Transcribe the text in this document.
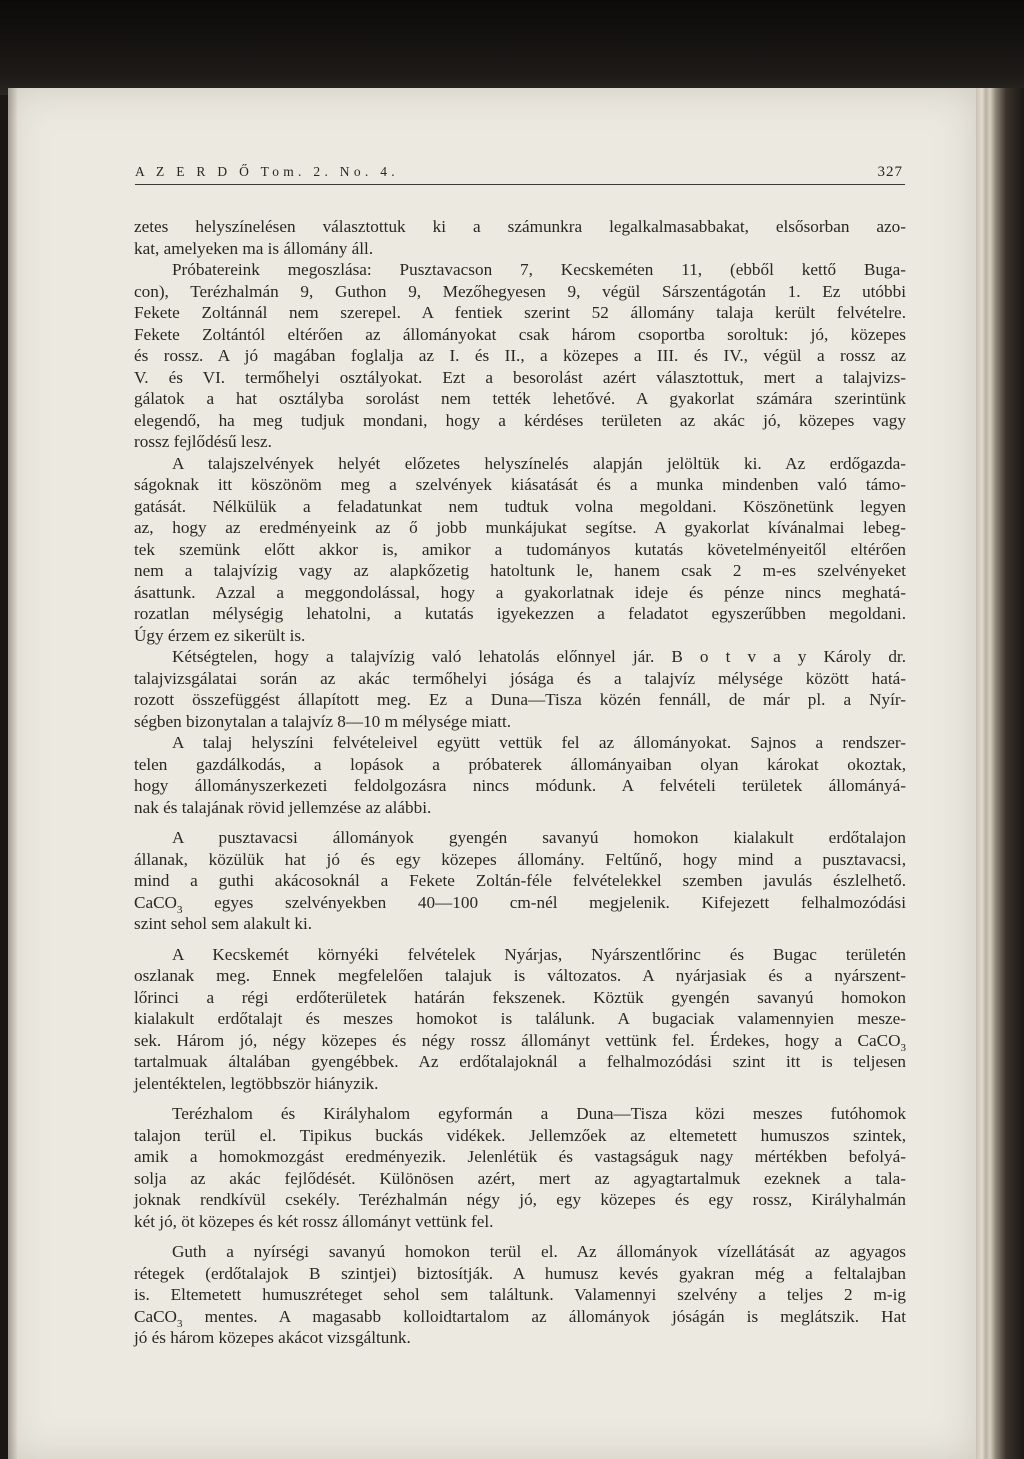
A Z E R D Ő Tom. 2. No. 4.	327
zetes helyszínelésen választottuk ki a számunkra legalkalmasabbakat, elsősorban azo-
kat, amelyeken ma is állomány áll.
Próbatereink megoszlása: Pusztavacson 7, Kecskeméten 11, (ebből kettő Buga-
con), Terézhalmán 9, Guthon 9, Mezőhegyesen 9, végül Sárszentágotán 1. Ez utóbbi
Fekete Zoltánnál nem szerepel. A fentiek szerint 52 állomány talaja került felvételre.
Fekete Zoltántól eltérően az állományokat csak három csoportba soroltuk: jó, közepes
és rossz. A jó magában foglalja az I. és II., a közepes a III. és IV., végül a rossz az
V. és VI. termőhelyi osztályokat. Ezt a besorolást azért választottuk, mert a talajvizs-
gálatok a hat osztályba sorolást nem tették lehetővé. A gyakorlat számára szerintünk
elegendő, ha meg tudjuk mondani, hogy a kérdéses területen az akác jó, közepes vagy
rossz fejlődésű lesz.
A talajszelvények helyét előzetes helyszínelés alapján jelöltük ki. Az erdőgazda-
ságoknak itt köszönöm meg a szelvények kiásatását és a munka mindenben való támo-
gatását. Nélkülük a feladatunkat nem tudtuk volna megoldani. Köszönetünk legyen
az, hogy az eredményeink az ő jobb munkájukat segítse. A gyakorlat kívánalmai lebeg-
tek szemünk előtt akkor is, amikor a tudományos kutatás követelményeitől eltérően
nem a talajvízig vagy az alapkőzetig hatoltunk le, hanem csak 2 m-es szelvényeket
ásattunk. Azzal a meggondolással, hogy a gyakorlatnak ideje és pénze nincs meghatá-
rozatlan mélységig lehatolni, a kutatás igyekezzen a feladatot egyszerűbben megoldani.
Úgy érzem ez sikerült is.
Kétségtelen, hogy a talajvízig való lehatolás előnnyel jár. B o t v a y Károly dr.
talajvizsgálatai során az akác termőhelyi jósága és a talajvíz mélysége között hatá-
rozott összefüggést állapított meg. Ez a Duna—Tisza közén fennáll, de már pl. a Nyír-
ségben bizonytalan a talajvíz 8—10 m mélysége miatt.
A talaj helyszíni felvételeivel együtt vettük fel az állományokat. Sajnos a rendszer-
telen gazdálkodás, a lopások a próbaterek állományaiban olyan károkat okoztak,
hogy állományszerkezeti feldolgozásra nincs módunk. A felvételi területek állományá-
nak és talajának rövid jellemzése az alábbi.
A pusztavacsi állományok gyengén savanyú homokon kialakult erdőtalajon
állanak, közülük hat jó és egy közepes állomány. Feltűnő, hogy mind a pusztavacsi,
mind a guthi akácosoknál a Fekete Zoltán-féle felvételekkel szemben javulás észlelhető.
CaCO$_3$ egyes szelvényekben 40—100 cm-nél megjelenik. Kifejezett felhalmozódási
szint sehol sem alakult ki.
A Kecskemét környéki felvételek Nyárjas, Nyárszentlőrinc és Bugac területén
oszlanak meg. Ennek megfelelően talajuk is változatos. A nyárjasiak és a nyárszent-
lőrinci a régi erdőterületek határán fekszenek. Köztük gyengén savanyú homokon
kialakult erdőtalajt és meszes homokot is találunk. A bugaciak valamennyien mesze-
sek. Három jó, négy közepes és négy rossz állományt vettünk fel. Érdekes, hogy a CaCO$_3$
tartalmuak általában gyengébbek. Az erdőtalajoknál a felhalmozódási szint itt is teljesen
jelentéktelen, legtöbbször hiányzik.
Terézhalom és Királyhalom egyformán a Duna—Tisza közi meszes futóhomok
talajon terül el. Tipikus buckás vidékek. Jellemzőek az eltemetett humuszos szintek,
amik a homokmozgást eredményezik. Jelenlétük és vastagságuk nagy mértékben befolyá-
solja az akác fejlődését. Különösen azért, mert az agyagtartalmuk ezeknek a tala-
joknak rendkívül csekély. Terézhalmán négy jó, egy közepes és egy rossz, Királyhalmán
két jó, öt közepes és két rossz állományt vettünk fel.
Guth a nyírségi savanyú homokon terül el. Az állományok vízellátását az agyagos
rétegek (erdőtalajok B szintjei) biztosítják. A humusz kevés gyakran még a feltalajban
is. Eltemetett humuszréteget sehol sem találtunk. Valamennyi szelvény a teljes 2 m-ig
CaCO$_3$ mentes. A magasabb kolloidtartalom az állományok jóságán is meglátszik. Hat
jó és három közepes akácot vizsgáltunk.
